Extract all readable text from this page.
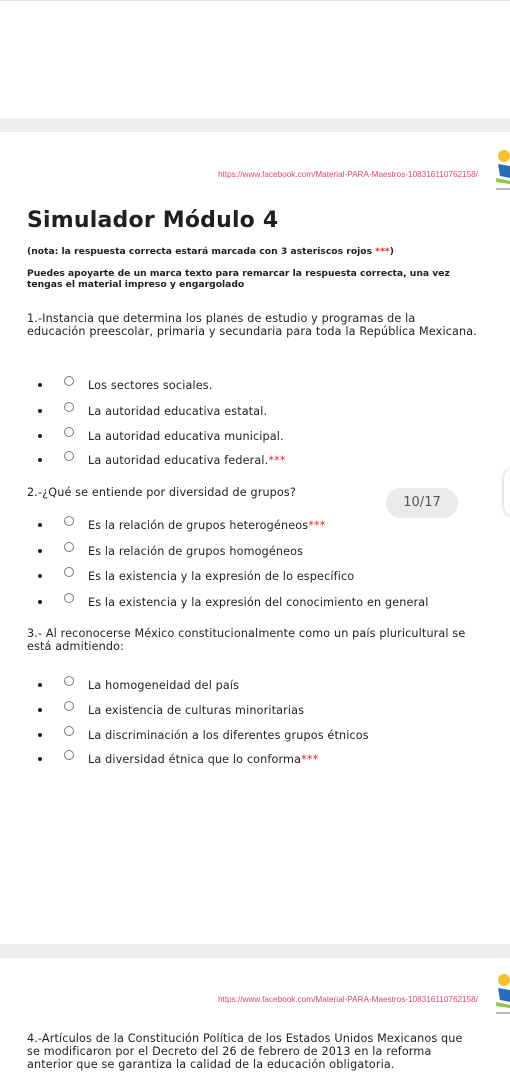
https://www.facebook.com/Material-PARA-Maestros-108316110762158/
Simulador Módulo 4
(nota: la respuesta correcta estará marcada con 3 asteriscos rojos ***)
Puedes apoyarte de un marca texto para remarcar la respuesta correcta, una vez tengas el material impreso y engargolado
1.-Instancia que determina los planes de estudio y programas de la educación preescolar, primaria y secundaria para toda la República Mexicana.
Los sectores sociales.
La autoridad educativa estatal.
La autoridad educativa municipal.
La autoridad educativa federal.***
2.-¿Qué se entiende por diversidad de grupos?
Es la relación de grupos heterogéneos***
Es la relación de grupos homogéneos
Es la existencia y la expresión de lo específico
Es la existencia y la expresión del conocimiento en general
3.- Al reconocerse México constitucionalmente como un país pluricultural se está admitiendo:
La homogeneidad del país
La existencia de culturas minoritarias
La discriminación a los diferentes grupos étnicos
La diversidad étnica que lo conforma***
https://www.facebook.com/Material-PARA-Maestros-108316110762158/
4.-Artículos de la Constitución Política de los Estados Unidos Mexicanos que se modificaron por el Decreto del 26 de febrero de 2013 en la reforma anterior que se garantiza la calidad de la educación obligatoria.
10/17
